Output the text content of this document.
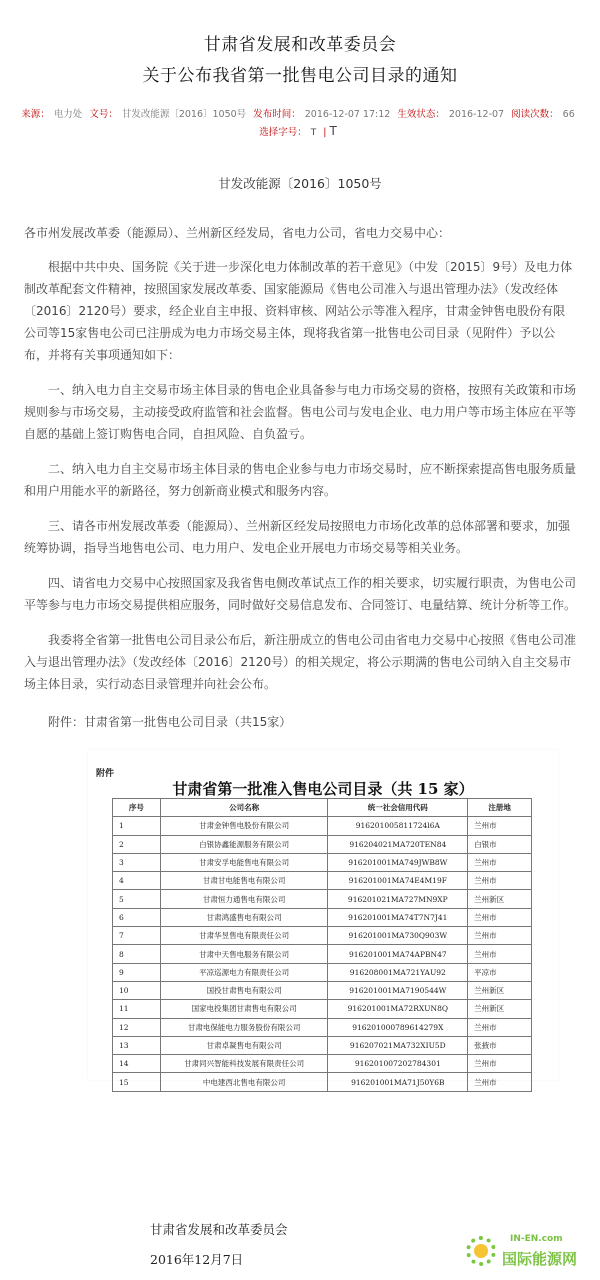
甘肃省发展和改革委员会
关于公布我省第一批售电公司目录的通知
来源： 电力处 文号： 甘发改能源〔2016〕1050号 发布时间： 2016-12-07 17:12 生效状态： 2016-12-07 阅读次数： 66 选择字号： T | T
甘发改能源〔2016〕1050号

各市州发展改革委（能源局）、兰州新区经发局，省电力公司，省电力交易中心：

根据中共中央、国务院《关于进一步深化电力体制改革的若干意见》（中发〔2015〕9号）及电力体制改革配套文件精神，按照国家发展改革委、国家能源局《售电公司准入与退出管理办法》（发改经体〔2016〕2120号）要求，经企业自主申报、资料审核、网站公示等准入程序，甘肃金钟售电股份有限公司等15家售电公司已注册成为电力市场交易主体，现将我省第一批售电公司目录（见附件）予以公布，并将有关事项通知如下：

一、纳入电力自主交易市场主体目录的售电企业具备参与电力市场交易的资格，按照有关政策和市场规则参与市场交易，主动接受政府监管和社会监督。售电公司与发电企业、电力用户等市场主体应在平等自愿的基础上签订购售电合同，自担风险、自负盈亏。

二、纳入电力自主交易市场主体目录的售电企业参与电力市场交易时，应不断探索提高售电服务质量和用户用能水平的新路径，努力创新商业模式和服务内容。

三、请各市州发展改革委（能源局）、兰州新区经发局按照电力市场化改革的总体部署和要求，加强统筹协调，指导当地售电公司、电力用户、发电企业开展电力市场交易等相关业务。

四、请省电力交易中心按照国家及我省售电侧改革试点工作的相关要求，切实履行职责，为售电公司平等参与电力市场交易提供相应服务，同时做好交易信息发布、合同签订、电量结算、统计分析等工作。

我委将全省第一批售电公司目录公布后，新注册成立的售电公司由省电力交易中心按照《售电公司准入与退出管理办法》（发改经体〔2016〕2120号）的相关规定，将公示期满的售电公司纳入自主交易市场主体目录，实行动态目录管理并向社会公布。

附件：甘肃省第一批售电公司目录（共15家）

附件
甘肃省第一批准入售电公司目录（共 15 家）
序号	公司名称	统一社会信用代码	注册地
1	甘肃金钟售电股份有限公司	916201005811724l6A	兰州市
2	白银协鑫能源服务有限公司	916204021MA720TEN84	白银市
3	甘肃安孚电能售电有限公司	916201001MA749JWB8W	兰州市
4	甘肃甘电能售电有限公司	916201001MA74E4M19F	兰州市
5	甘肃恒力通售电有限公司	916201021MA727MN9XP	兰州新区
6	甘肃鸿盛售电有限公司	916201001MA74T7N7J41	兰州市
7	甘肃华昱售电有限责任公司	916201001MA730Q903W	兰州市
8	甘肃中天售电服务有限公司	916201001MA74APBN47	兰州市
9	平凉巡源电力有限责任公司	916208001MA721YAU92	平凉市
10	国投甘肃售电有限公司	916201001MA7190544W	兰州新区
11	国家电投集团甘肃售电有限公司	916201001MA72RXUN8Q	兰州新区
12	甘肃电保能电力服务股份有限公司	916201000789614279X	兰州市
13	甘肃卓凝售电有限公司	916207021MA732XIU5D	张掖市
14	甘肃同兴智能科技发展有限责任公司	916201007202784301	兰州市
15	中电建西北售电有限公司	916201001MA71J50Y6B	兰州市
甘肃省发展和改革委员会
2016年12月7日
IN-EN.com
国际能源网
